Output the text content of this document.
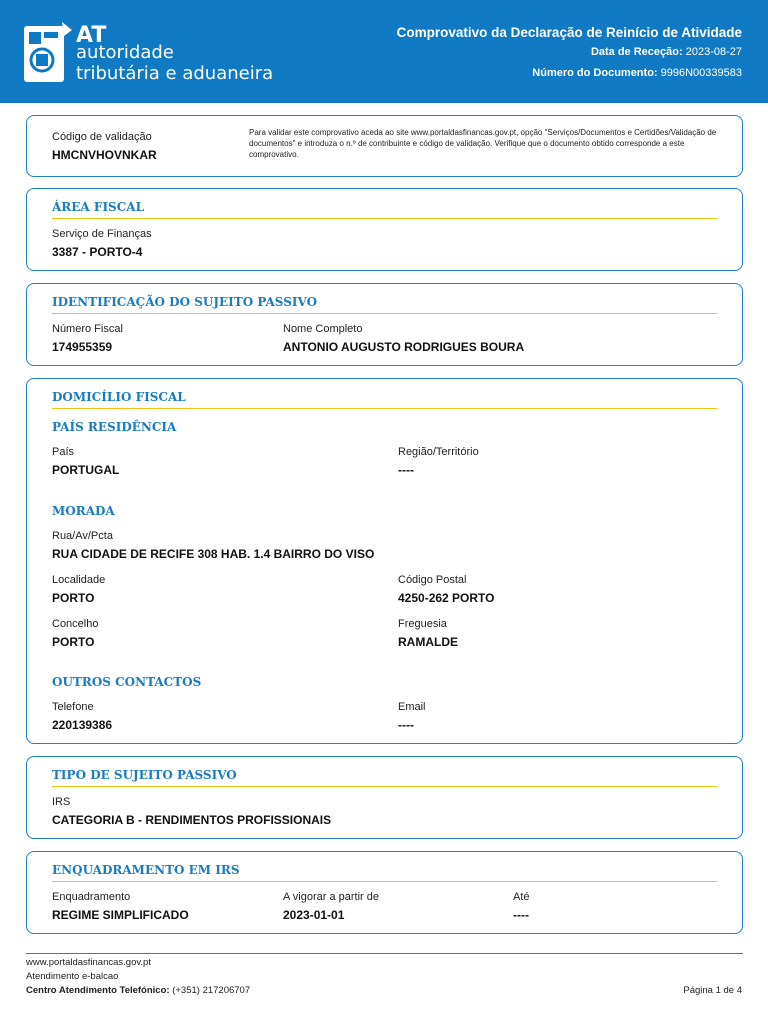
AT
autoridade
tributária e aduaneira
Comprovativo da Declaração de Reinício de Atividade
Data de Receção: 2023-08-27
Número do Documento: 9996N00339583
Código de validação
HMCNVHOVNKAR
Para validar este comprovativo aceda ao site www.portaldasfinancas.gov.pt, opção "Serviços/Documentos e Certidões/Validação de documentos" e introduza o n.º de contribuinte e código de validação. Verifique que o documento obtido corresponde a este comprovativo.
ÁREA FISCAL
Serviço de Finanças
3387 - PORTO-4
IDENTIFICAÇÃO DO SUJEITO PASSIVO
Número Fiscal
174955359
Nome Completo
ANTONIO AUGUSTO RODRIGUES BOURA
DOMICÍLIO FISCAL
PAÍS RESIDÊNCIA
País
PORTUGAL
Região/Território
----
MORADA
Rua/Av/Pcta
RUA CIDADE DE RECIFE 308 HAB. 1.4 BAIRRO DO VISO
Localidade
PORTO
Código Postal
4250-262 PORTO
Concelho
PORTO
Freguesia
RAMALDE
OUTROS CONTACTOS
Telefone
220139386
Email
----
TIPO DE SUJEITO PASSIVO
IRS
CATEGORIA B - RENDIMENTOS PROFISSIONAIS
ENQUADRAMENTO EM IRS
Enquadramento
REGIME SIMPLIFICADO
A vigorar a partir de
2023-01-01
Até
----
www.portaldasfinancas.gov.pt
Atendimento e-balcao
Centro Atendimento Telefónico: (+351) 217206707	Página 1 de 4
